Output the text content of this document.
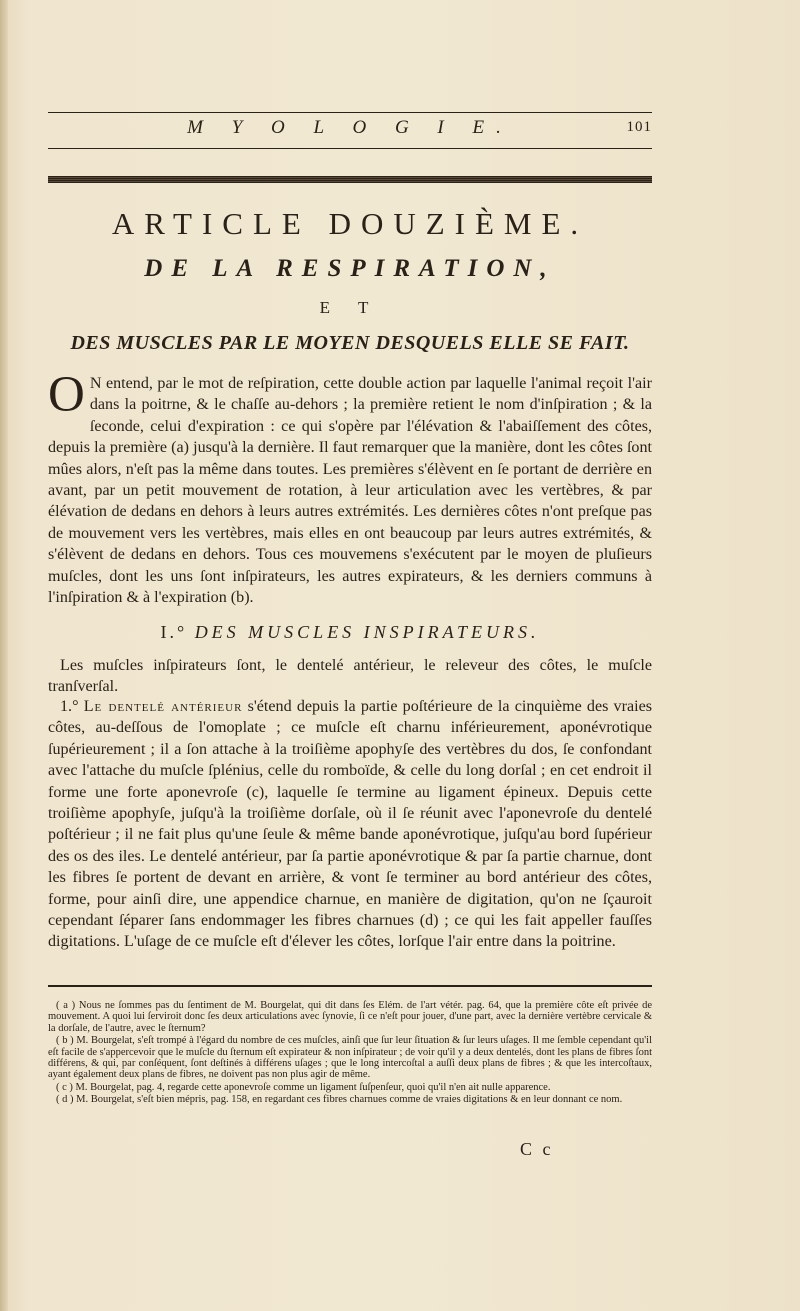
M Y O L O G I E.	101
ARTICLE DOUZIÈME.
DE LA RESPIRATION,
E T
DES MUSCLES PAR LE MOYEN DESQUELS ELLE SE FAIT.
O N entend, par le mot de reſpiration, cette double action par laquelle l'animal reçoit l'air dans la poitrne, & le chaſſe au-dehors ; la première retient le nom d'inſpiration ; & la ſeconde, celui d'expiration : ce qui s'opère par l'élévation & l'abaiſſement des côtes, depuis la première (a) jusqu'à la dernière. Il faut remarquer que la manière, dont les côtes ſont mûes alors, n'eſt pas la même dans toutes. Les premières s'élèvent en ſe portant de derrière en avant, par un petit mouvement de rotation, à leur articulation avec les vertèbres, & par élévation de dedans en dehors à leurs autres extrémités. Les dernières côtes n'ont preſque pas de mouvement vers les vertèbres, mais elles en ont beaucoup par leurs autres extrémités, & s'élèvent de dedans en dehors. Tous ces mouvemens s'exécutent par le moyen de pluſieurs muſcles, dont les uns ſont inſpirateurs, les autres expirateurs, & les derniers communs à l'inſpiration & à l'expiration (b).
I.° DES MUSCLES INSPIRATEURS.
Les muſcles inſpirateurs ſont, le dentelé antérieur, le releveur des côtes, le muſcle tranſverſal.
1.° Le dentelé antérieur s'étend depuis la partie poſtérieure de la cinquième des vraies côtes, au-deſſous de l'omoplate ; ce muſcle eſt charnu inférieurement, aponévrotique ſupérieurement ; il a ſon attache à la troiſième apophyſe des vertèbres du dos, ſe confondant avec l'attache du muſcle ſplénius, celle du romboïde, & celle du long dorſal ; en cet endroit il forme une forte aponevroſe (c), laquelle ſe termine au ligament épineux. Depuis cette troiſième apophyſe, juſqu'à la troiſième dorſale, où il ſe réunit avec l'aponevroſe du dentelé poſtérieur ; il ne fait plus qu'une ſeule & même bande aponévrotique, juſqu'au bord ſupérieur des os des iles. Le dentelé antérieur, par ſa partie aponévrotique & par ſa partie charnue, dont les fibres ſe portent de devant en arrière, & vont ſe terminer au bord antérieur des côtes, forme, pour ainſi dire, une appendice charnue, en manière de digitation, qu'on ne ſçauroit cependant ſéparer ſans endommager les fibres charnues (d) ; ce qui les fait appeller fauſſes digitations. L'uſage de ce muſcle eſt d'élever les côtes, lorſque l'air entre dans la poitrine.

( a ) Nous ne ſommes pas du ſentiment de M. Bourgelat, qui dit dans ſes Elém. de l'art vétér. pag. 64, que la première côte eſt privée de mouvement. A quoi lui ſerviroit donc ſes deux articulations avec ſynovie, ſi ce n'eſt pour jouer, d'une part, avec la dernière vertèbre cervicale & la dorſale, de l'autre, avec le ſternum?

( b ) M. Bourgelat, s'eſt trompé à l'égard du nombre de ces muſcles, ainſi que ſur leur ſituation & ſur leurs uſages. Il me ſemble cependant qu'il eſt facile de s'appercevoir que le muſcle du ſternum eſt expirateur & non inſpirateur ; de voir qu'il y a deux dentelés, dont les plans de fibres ſont différens, & qui, par conſéquent, ſont deſtinés à différens uſages ; que le long intercoſtal a auſſi deux plans de fibres ; & que les intercoſtaux, ayant également deux plans de fibres, ne doivent pas non plus agir de même.

( c ) M. Bourgelat, pag. 4, regarde cette aponevroſe comme un ligament ſuſpenſeur, quoi qu'il n'en ait nulle apparence.

( d ) M. Bourgelat, s'eſt bien mépris, pag. 158, en regardant ces fibres charnues comme de vraies digitations & en leur donnant ce nom.

C c
